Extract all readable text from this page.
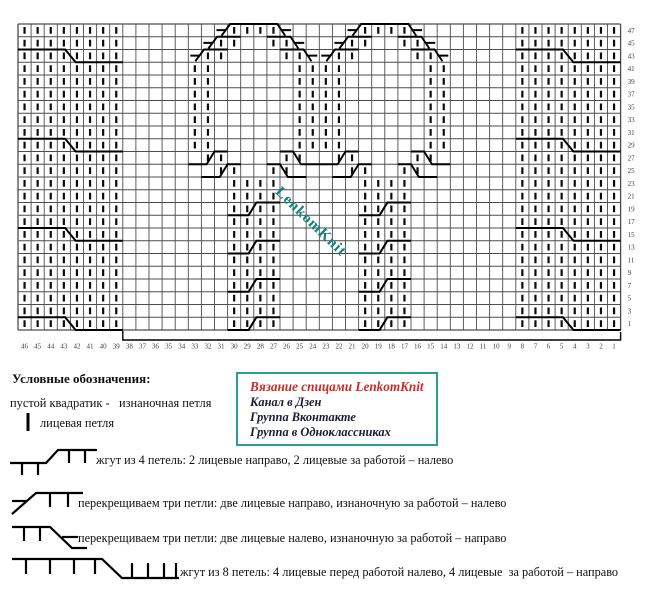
47
45
43
41
39
37
35
33
31
29
27
25
23
21
19
17
15
13
11
9
7
5
3
1
46 45 44 43 42 41 40 39 38 37 36 35 34 33 32 31 30 29 28 27 26 25 24 23 22 21 20 19 18 17 16 15 14 13 12 11 10 9 8 7 6 5 4 3 2 1
LenkomKnit
Условные обозначения:
пустой квадратик -   изнаночная петля
лицевая петля
Вязание спицами LenkomKnit
Канал в Дзен
Группа Вконтакте
Группа в Одноклассниках
жгут из 4 петель: 2 лицевые направо, 2 лицевые за работой – налево
перекрещиваем три петли: две лицевые направо, изнаночную за работой – налево
перекрещиваем три петли: две лицевые налево, изнаночную за работой – направо
жгут из 8 петель: 4 лицевые перед работой налево, 4 лицевые  за работой – направо
